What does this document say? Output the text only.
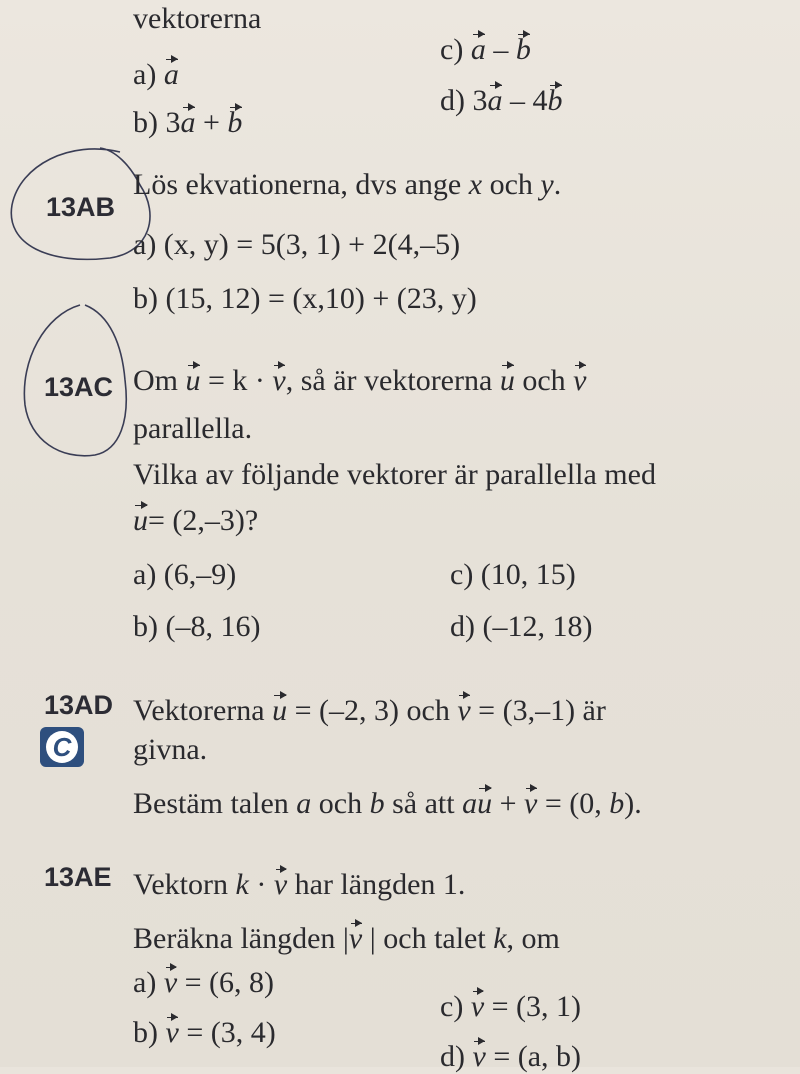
vektorerna
a) a
b) 3a + b
c) a – b
d) 3a – 4b
13AB
Lös ekvationerna, dvs ange x och y.
a) (x, y) = 5(3, 1) + 2(4,–5)
b) (15, 12) = (x,10) + (23, y)
13AC Om u = k · v, så är vektorerna u och v
parallella.
Vilka av följande vektorer är parallella med
u= (2,–3)?
a) (6,–9)
b) (–8, 16)
c) (10, 15)
d) (–12, 18)
13AD
C
Vektorerna u = (–2, 3) och v = (3,–1) är
givna.
Bestäm talen a och b så att au + v = (0, b).
13AE Vektorn k · v har längden 1.
Beräkna längden |v | och talet k, om
a) v = (6, 8)
b) v = (3, 4)
c) v = (3, 1)
d) v = (a, b)
